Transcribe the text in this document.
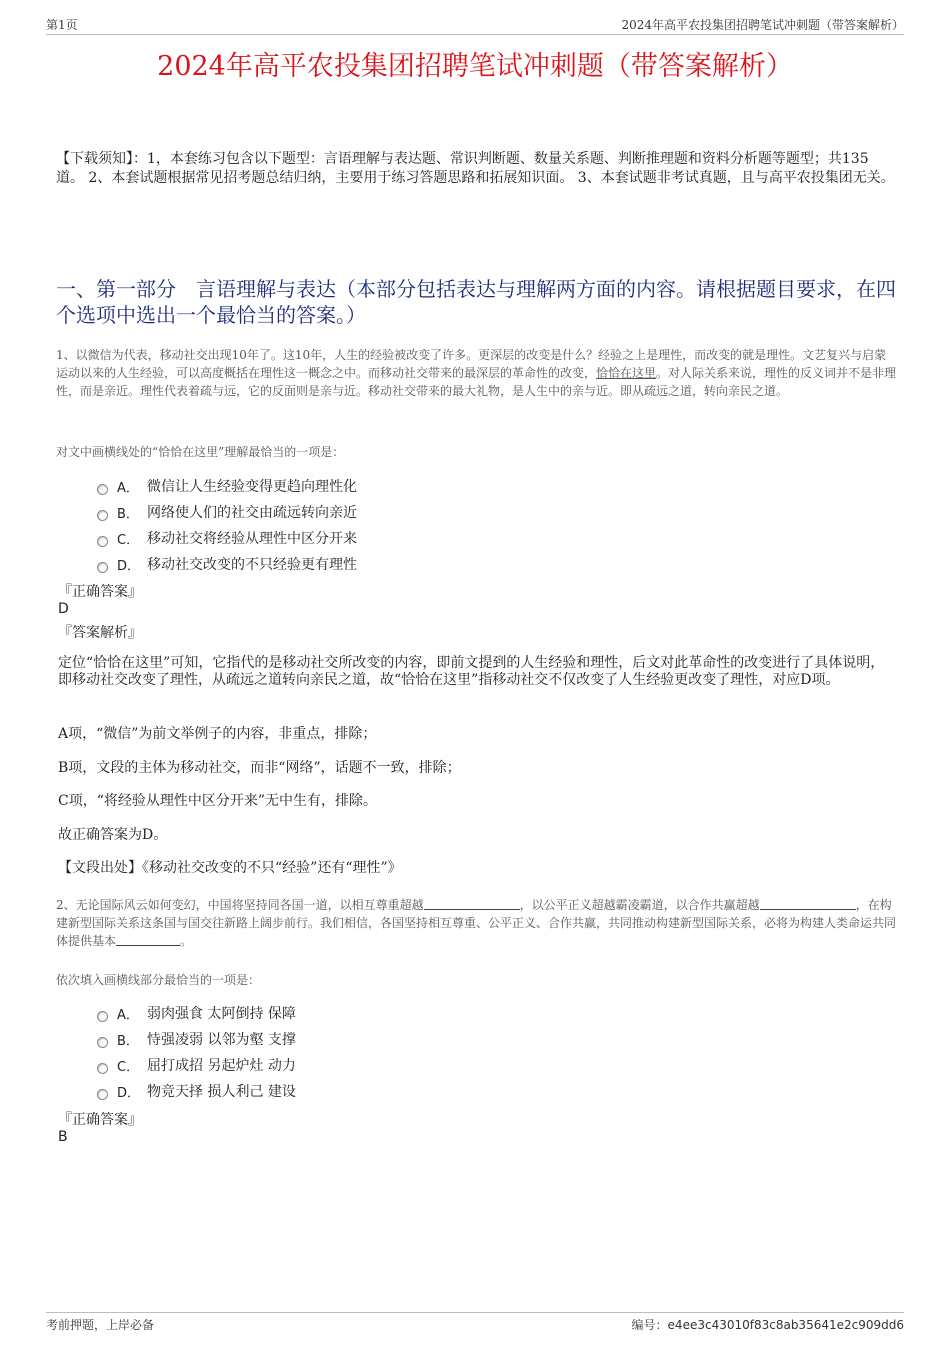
第1页	2024年高平农投集团招聘笔试冲刺题（带答案解析）
2024年高平农投集团招聘笔试冲刺题（带答案解析）
【下载须知】：1，本套练习包含以下题型：言语理解与表达题、常识判断题、数量关系题、判断推理题和资料分析题等题型；共135道。 2、本套试题根据常见招考题总结归纳，主要用于练习答题思路和拓展知识面。 3、本套试题非考试真题，且与高平农投集团无关。
一、第一部分　言语理解与表达（本部分包括表达与理解两方面的内容。请根据题目要求，在四个选项中选出一个最恰当的答案。）
1、以微信为代表，移动社交出现10年了。这10年，人生的经验被改变了许多。更深层的改变是什么？经验之上是理性，而改变的就是理性。文艺复兴与启蒙运动以来的人生经验，可以高度概括在理性这一概念之中。而移动社交带来的最深层的革命性的改变，恰恰在这里。对人际关系来说，理性的反义词并不是非理性，而是亲近。理性代表着疏与远，它的反面则是亲与近。移动社交带来的最大礼物，是人生中的亲与近。即从疏远之道，转向亲民之道。
对文中画横线处的“恰恰在这里”理解最恰当的一项是：
A． 微信让人生经验变得更趋向理性化
B． 网络使人们的社交由疏远转向亲近
C． 移动社交将经验从理性中区分开来
D． 移动社交改变的不只经验更有理性
『正确答案』
D
『答案解析』
定位“恰恰在这里”可知，它指代的是移动社交所改变的内容，即前文提到的人生经验和理性，后文对此革命性的改变进行了具体说明，即移动社交改变了理性，从疏远之道转向亲民之道，故“恰恰在这里”指移动社交不仅改变了人生经验更改变了理性，对应D项。
A项，“微信”为前文举例子的内容，非重点，排除；
B项，文段的主体为移动社交，而非“网络”，话题不一致，排除；
C项，“将经验从理性中区分开来”无中生有，排除。
故正确答案为D。
【文段出处】《移动社交改变的不只“经验”还有“理性”》
2、无论国际风云如何变幻，中国将坚持同各国一道，以相互尊重超越	，以公平正义超越霸凌霸道，以合作共赢超越	，在构建新型国际关系这条国与国交往新路上阔步前行。我们相信，各国坚持相互尊重、公平正义、合作共赢，共同推动构建新型国际关系，必将为构建人类命运共同体提供基本	。
依次填入画横线部分最恰当的一项是：
A． 弱肉强食 太阿倒持 保障
B． 恃强凌弱 以邻为壑 支撑
C． 屈打成招 另起炉灶 动力
D． 物竞天择 损人利己 建设
『正确答案』
B
考前押题，上岸必备	编号：e4ee3c43010f83c8ab35641e2c909dd6
